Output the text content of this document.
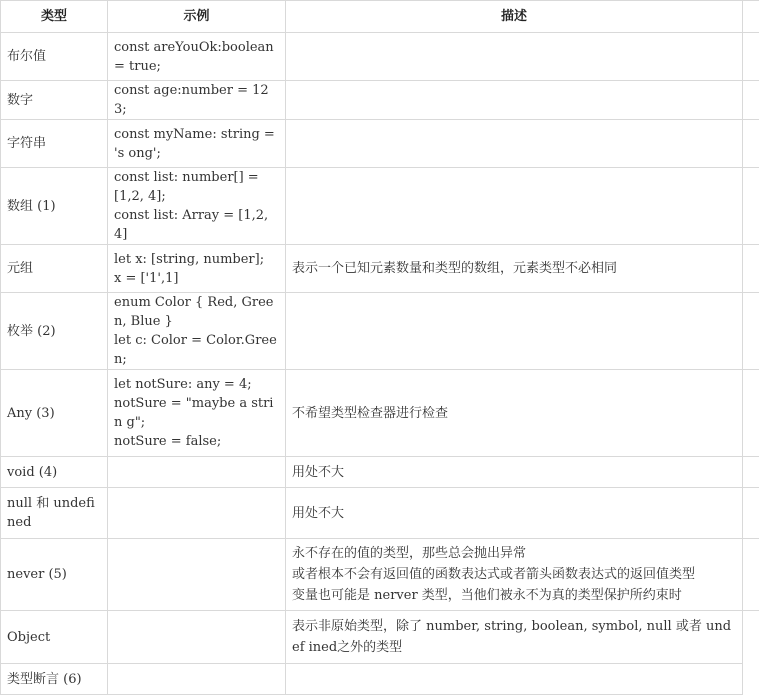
类型	示例	描述	
布尔值	const areYouOk:boolean = true;		

数字	const age:number = 123;		

字符串	const myName: string = 's ong';		

数组 (1)	const list: number[] = [1,2, 4];
const list: Array = [1,2,4]		

元组	let x: [string, number];
x = ['1',1]	表示一个已知元素数量和类型的数组，元素类型不必相同	

枚举 (2)	enum Color { Red, Green, Blue }
let c: Color = Color.Green;		

Any (3)	let notSure: any = 4;
notSure = "maybe a strin g";
notSure = false;	不希望类型检查器进行检查	

void (4)		用处不大	

null 和 undefi ned		用处不大	

never (5)		永不存在的值的类型，那些总会抛出异常
或者根本不会有返回值的函数表达式或者箭头函数表达式的返回值类型
变量也可能是 nerver 类型，当他们被永不为真的类型保护所约束时	

Object		表示非原始类型，除了 number, string, boolean, symbol, null 或者 undef ined之外的类型	

类型断言 (6)			
